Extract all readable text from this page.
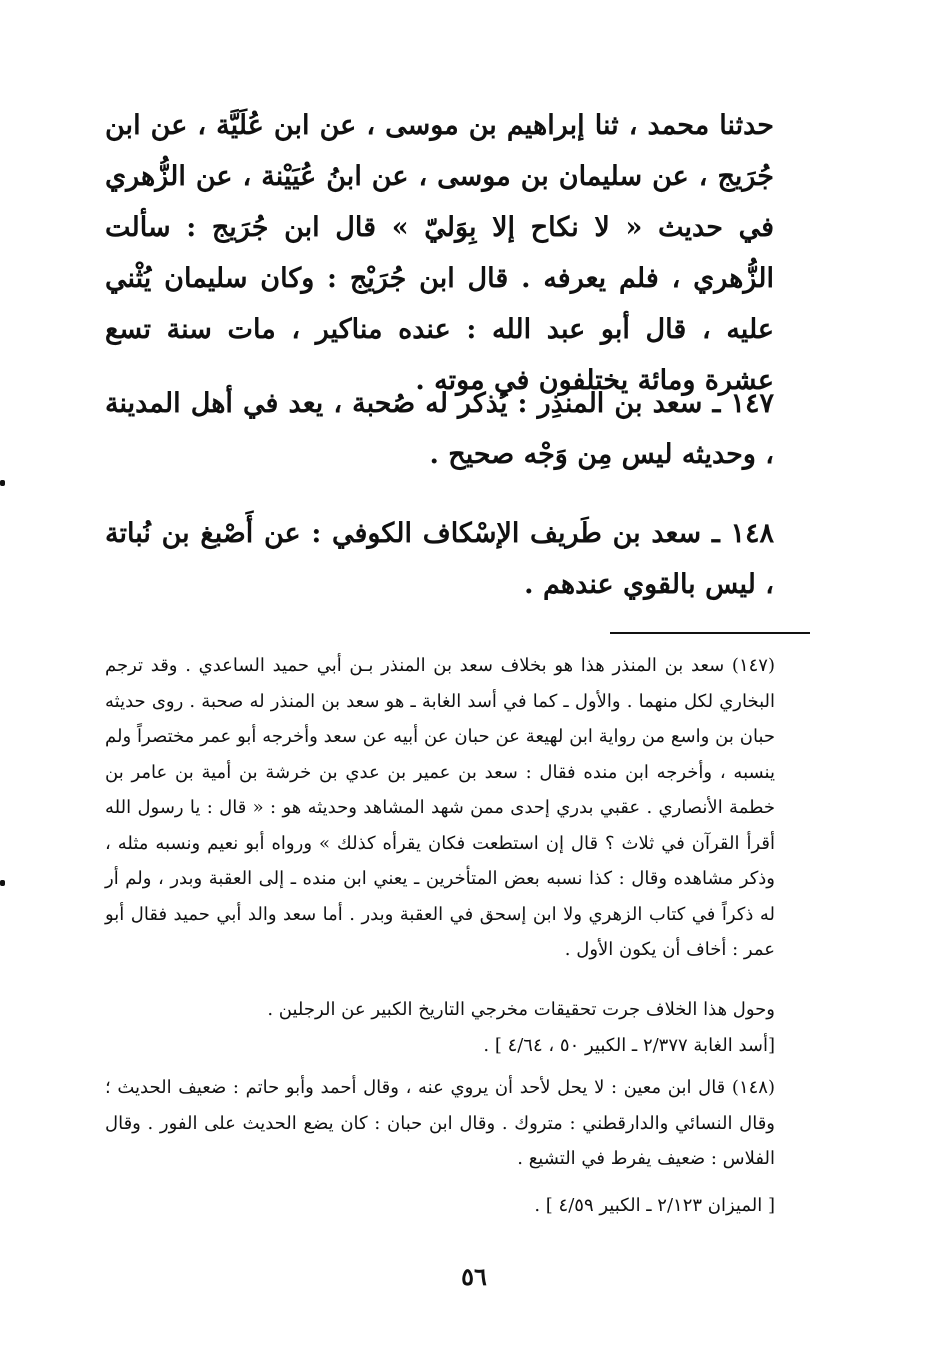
حدثنا محمد ، ثنا إبراهيم بن موسى ، عن ابن عُلَيَّة ، عن ابن جُرَيج ، عن سليمان بن موسى ، عن ابنُ عُيَيْنة ، عن الزُّهري في حديث « لا نكاح إلا بِوَليّ » قال ابن جُرَيج : سألت الزُّهري ، فلم يعرفه . قال ابن جُرَيْج : وكان سليمان يُثْني عليه ، قال أبو عبد الله : عنده مناكير ، مات سنة تسع عشرة ومائة يختلفون في موته .

١٤٧ ـ سعد بن المنذِر : يُذكر له صُحبة ، يعد في أهل المدينة ، وحديثه ليس مِن وَجْه صحيح .

١٤٨ ـ سعد بن طَريف الإسْكاف الكوفي : عن أَصْبغ بن نُباتة ، ليس بالقوي عندهم .

(١٤٧) سعد بن المنذر هذا هو بخلاف سعد بن المنذر بـن أبي حميد الساعدي . وقد ترجم البخاري لكل منهما . والأول ـ كما في أسد الغابة ـ هو سعد بن المنذر له صحبة . روى حديثه حبان بن واسع من رواية ابن لهيعة عن حبان عن أبيه عن سعد وأخرجه أبو عمر مختصراً ولم ينسبه ، وأخرجه ابن منده فقال : سعد بن عمير بن عدي بن خرشة بن أمية بن عامر بن خطمة الأنصاري . عقبي بدري إحدى ممن شهد المشاهد وحديثه هو : « قال : يا رسول الله أقرأ القرآن في ثلاث ؟ قال إن استطعت فكان يقرأه كذلك » ورواه أبو نعيم ونسبه مثله ، وذكر مشاهده وقال : كذا نسبه بعض المتأخرين ـ يعني ابن منده ـ إلى العقبة وبدر ، ولم أر له ذكراً في كتاب الزهري ولا ابن إسحق في العقبة وبدر . أما سعد والد أبي حميد فقال أبو عمر : أخاف أن يكون الأول .

وحول هذا الخلاف جرت تحقيقات مخرجي التاريخ الكبير عن الرجلين .

[أسد الغابة ٢/٣٧٧ ـ الكبير ٥٠ ، ٤/٦٤ ] .

(١٤٨) قال ابن معين : لا يحل لأحد أن يروي عنه ، وقال أحمد وأبو حاتم : ضعيف الحديث ؛ وقال النسائي والدارقطني : متروك . وقال ابن حبان : كان يضع الحديث على الفور . وقال الفلاس : ضعيف يفرط في التشيع .

[ الميزان ٢/١٢٣ ـ الكبير ٤/٥٩ ] .

٥٦
